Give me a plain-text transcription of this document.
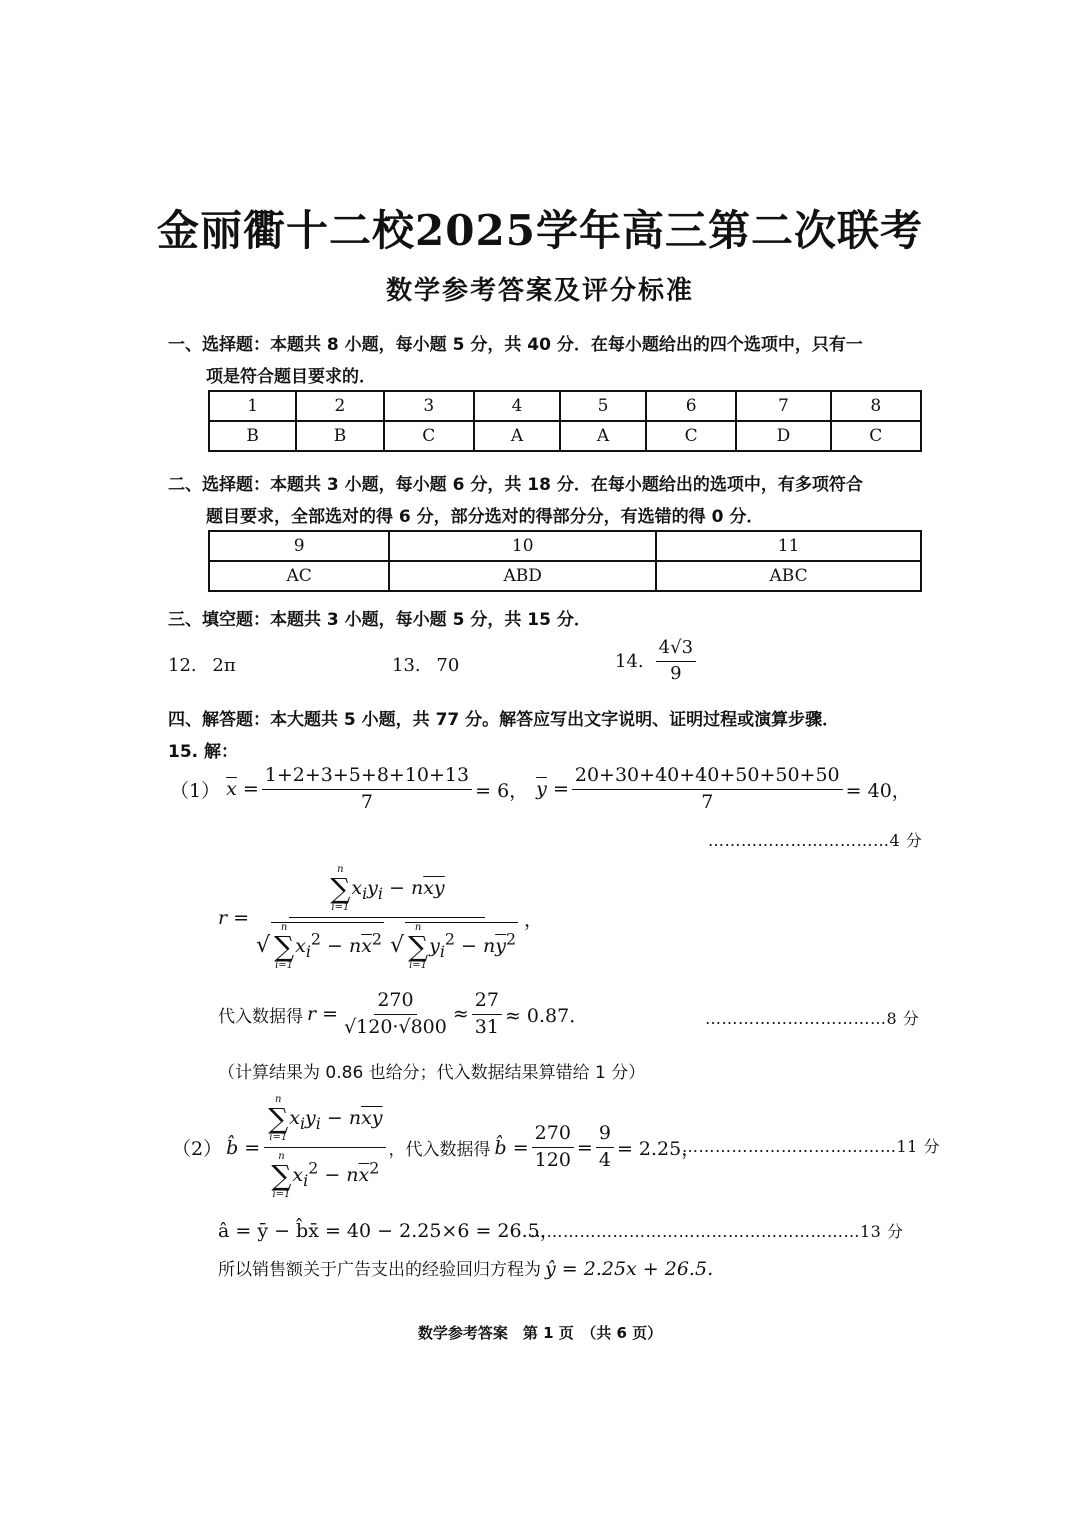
金丽衢十二校2025学年高三第二次联考
数学参考答案及评分标准
一、选择题：本题共 8 小题，每小题 5 分，共 40 分．在每小题给出的四个选项中，只有一
项是符合题目要求的．
1	2	3	4	5	6	7	8
B	B	C	A	A	C	D	C
二、选择题：本题共 3 小题，每小题 6 分，共 18 分．在每小题给出的选项中，有多项符合
题目要求，全部选对的得 6 分，部分选对的得部分分，有选错的得 0 分．
9	10	11
AC	ABD	ABC
三、填空题：本题共 3 小题，每小题 5 分，共 15 分．
12. 2π	13. 70	14. $\frac{4√3}{9}$
四、解答题：本大题共 5 小题，共 77 分。解答应写出文字说明、证明过程或演算步骤．
15. 解：
（1） $\overline{x} = \frac{1+2+3+5+8+10+13}{7} = 6$， $\overline{y} = \frac{20+30+40+40+50+50+50}{7} = 40$，
……………………………4 分
r = n
∑
i=1
$x_iy_i - n\overline{xy}$
√
n
∑
i=1
$x_i^2 - n\overline{x}^2$ √
n
∑
i=1
$y_i^2 - n\overline{y}^2$ ，
代入数据得 $r = \frac{270}{√120\cdot√800} \approx \frac{27}{31} \approx 0.87$．	……………………………8 分
（计算结果为 0.86 也给分；代入数据结果算错给 1 分）
（2） b̂ = n
∑
i=1
$x_iy_i - n\overline{xy}$
n
∑
i=1
$x_i^2 - n\overline{x}^2$ ，代入数据得 b̂ = $\frac{270}{120} = \frac{9}{4} = 2.25$，
…………………………………11 分
â = ȳ − b̂x̄ = 40 − 2.25×6 = 26.5，
……………………………………………………13 分
所以销售额关于广告支出的经验回归方程为 ŷ = 2.25x + 26.5．
数学参考答案　第 1 页　（共 6 页）
